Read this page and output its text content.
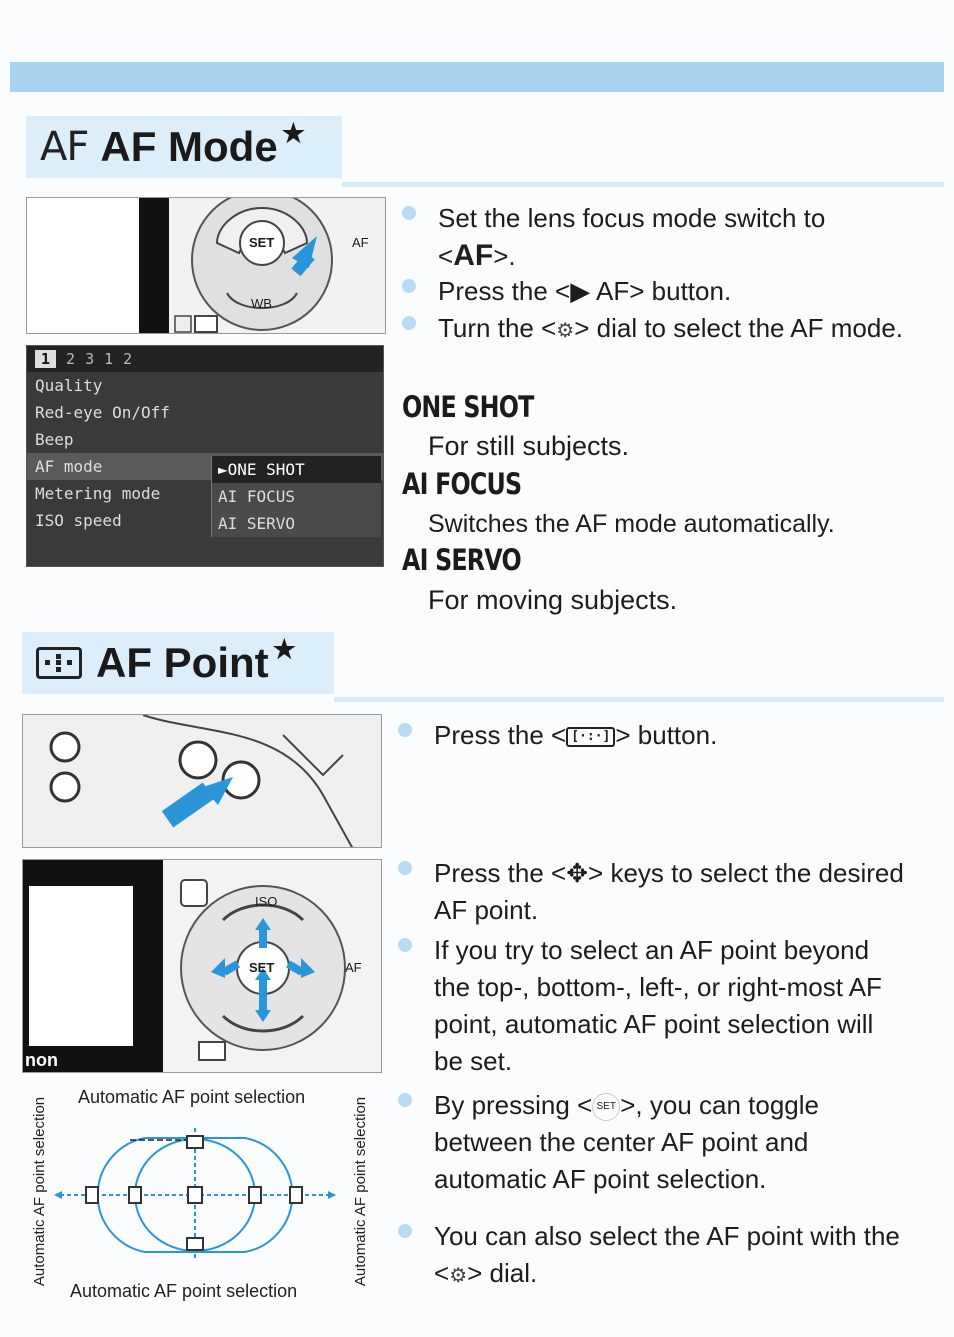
AF AF Mode ★
SET
WB
AF
1	2 3 1 2
Quality
Red-eye On/Off
Beep
AF mode
Metering mode
ISO speed
►ONE SHOT
AI FOCUS
AI SERVO
Set the lens focus mode switch to <AF>.
Press the <▶ AF> button.
Turn the <⚙> dial to select the AF mode.
ONE SHOT
For still subjects.
AI FOCUS
Switches the AF mode automatically.
AI SERVO
For moving subjects.
AF Point ★
non
ISO
SET	AF
Automatic AF point selection
Automatic AF point selection
Automatic AF point selection	Automatic AF point selection
Press the < [·:·] > button.
Press the <✥> keys to select the desired AF point.
If you try to select an AF point beyond the top-, bottom-, left-, or right-most AF point, automatic AF point selection will be set.
By pressing < SET >, you can toggle between the center AF point and automatic AF point selection.
You can also select the AF point with the <⚙> dial.
